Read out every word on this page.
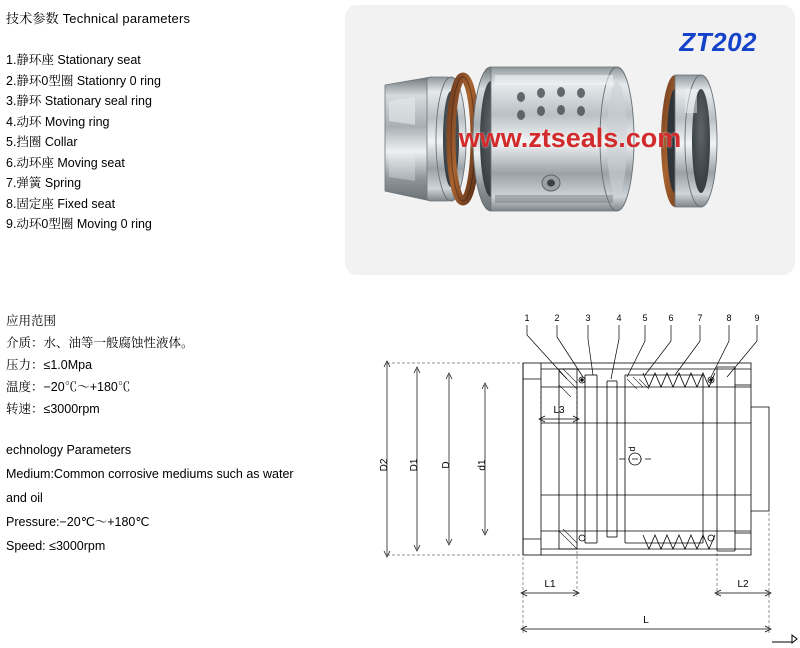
技术参数 Technical parameters
1.静环座 Stationary seat
2.静环0型圈 Stationry 0 ring
3.静环 Stationary seal ring
4.动环 Moving ring
5.挡圈 Collar
6.动环座 Moving seat
7.弹簧 Spring
8.固定座 Fixed seat
9.动环0型圈 Moving 0 ring
应用范围
介质：水、油等一般腐蚀性液体。
压力：≤1.0Mpa
温度：−20℃～+180℃
转速：≤3000rpm
echnology Parameters
Medium:Common corrosive mediums such as water
and oil
Pressure:−20℃～+180℃
Speed: ≤3000rpm
ZT202
www.ztseals.com
1	2	3	4 5 6	7	8	9
D2 D1 D	d1
d
L3
L1	L2
L
